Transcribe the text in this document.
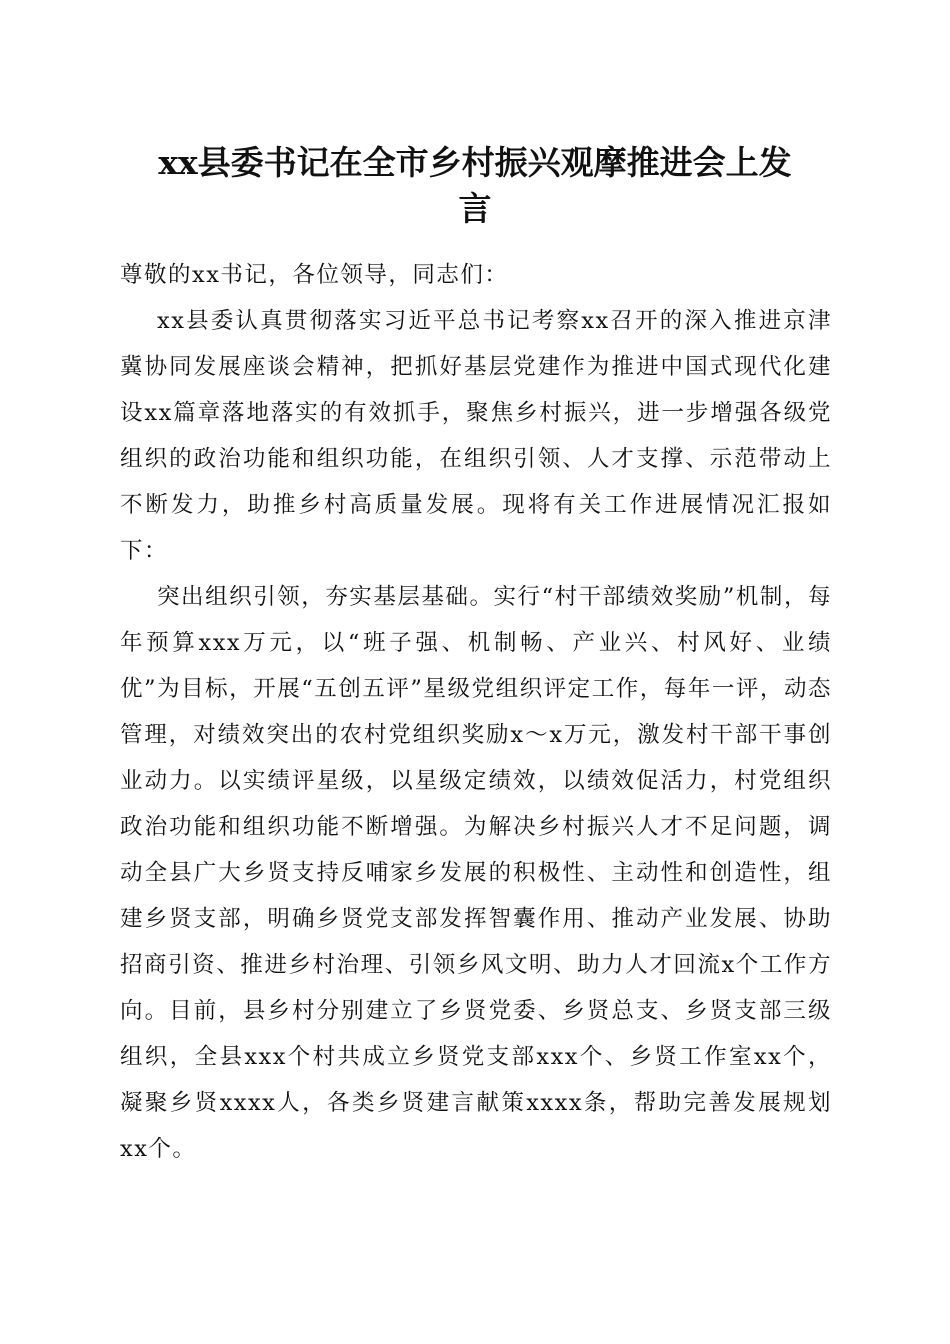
xx县委书记在全市乡村振兴观摩推进会上发
言

尊敬的xx书记，各位领导，同志们：

xx县委认真贯彻落实习近平总书记考察xx召开的深入推进京津冀协同发展座谈会精神，把抓好基层党建作为推进中国式现代化建设xx篇章落地落实的有效抓手，聚焦乡村振兴，进一步增强各级党组织的政治功能和组织功能，在组织引领、人才支撑、示范带动上不断发力，助推乡村高质量发展。现将有关工作进展情况汇报如下：

突出组织引领，夯实基层基础。实行“村干部绩效奖励”机制，每年预算xxx万元，以“班子强、机制畅、产业兴、村风好、业绩优”为目标，开展“五创五评”星级党组织评定工作，每年一评，动态管理，对绩效突出的农村党组织奖励x～x万元，激发村干部干事创业动力。以实绩评星级，以星级定绩效，以绩效促活力，村党组织政治功能和组织功能不断增强。为解决乡村振兴人才不足问题，调动全县广大乡贤支持反哺家乡发展的积极性、主动性和创造性，组建乡贤支部，明确乡贤党支部发挥智囊作用、推动产业发展、协助招商引资、推进乡村治理、引领乡风文明、助力人才回流x个工作方向。目前，县乡村分别建立了乡贤党委、乡贤总支、乡贤支部三级组织，全县xxx个村共成立乡贤党支部xxx个、乡贤工作室xx个，凝聚乡贤xxxx人，各类乡贤建言献策xxxx条，帮助完善发展规划xx个。
